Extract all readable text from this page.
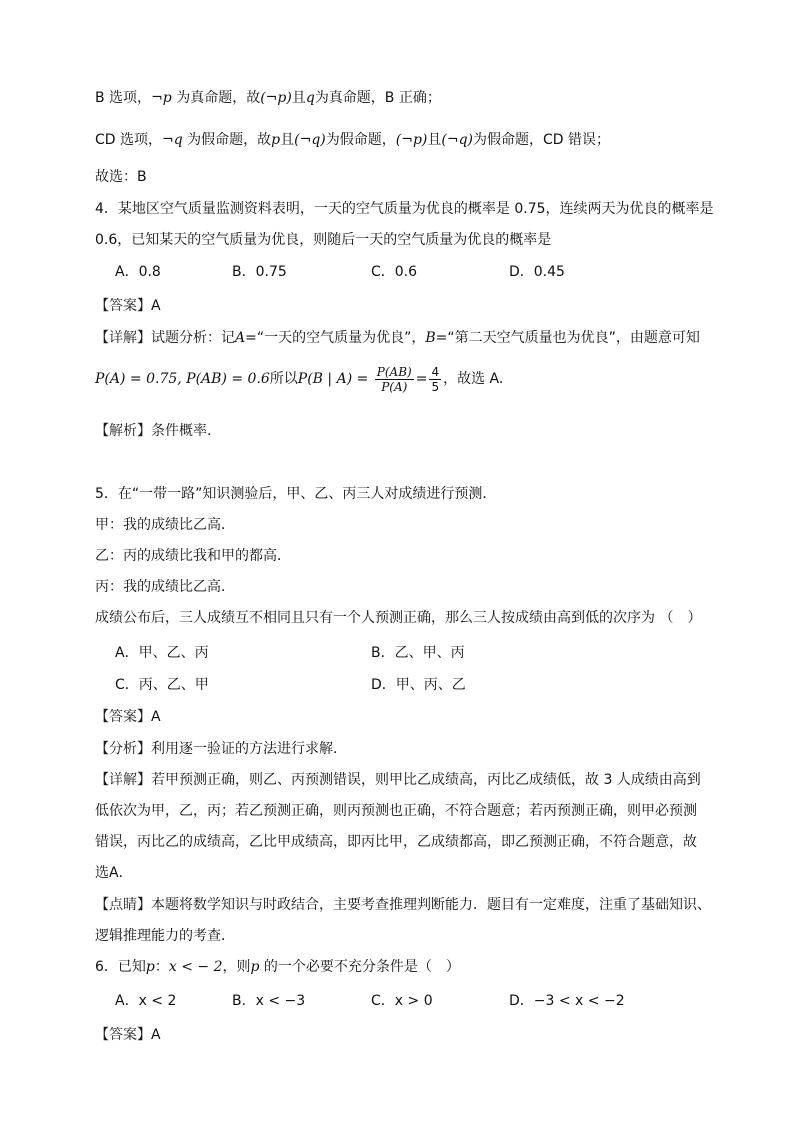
B 选项，¬p 为真命题，故(¬p)且q为真命题，B 正确；
CD 选项，¬q 为假命题，故p且(¬q)为假命题，(¬p)且(¬q)为假命题，CD 错误；
故选：B
4．某地区空气质量监测资料表明，一天的空气质量为优良的概率是 0.75，连续两天为优良的概率是
0.6，已知某天的空气质量为优良，则随后一天的空气质量为优良的概率是
A．0.8	B．0.75	C．0.6	D．0.45
【答案】A
【详解】试题分析：记A=“一天的空气质量为优良”，B=“第二天空气质量也为优良”，由题意可知
P(A) = 0.75, P(AB) = 0.6所以P(B | $A) = \frac{P(AB)}{P(A)} = \frac{4}{5}$ ，故选 A.
【解析】条件概率.
5．在“一带一路”知识测验后，甲、乙、丙三人对成绩进行预测．
甲：我的成绩比乙高．
乙：丙的成绩比我和甲的都高．
丙：我的成绩比乙高．
成绩公布后，三人成绩互不相同且只有一个人预测正确，那么三人按成绩由高到低的次序为 （　）
A．甲、乙、丙	B．乙、甲、丙
C．丙、乙、甲	D．甲、丙、乙
【答案】A
【分析】利用逐一验证的方法进行求解.
【详解】若甲预测正确，则乙、丙预测错误，则甲比乙成绩高，丙比乙成绩低，故 3 人成绩由高到
低依次为甲，乙，丙；若乙预测正确，则丙预测也正确，不符合题意；若丙预测正确，则甲必预测
错误，丙比乙的成绩高，乙比甲成绩高，即丙比甲，乙成绩都高，即乙预测正确，不符合题意，故
选A．
【点睛】本题将数学知识与时政结合，主要考查推理判断能力．题目有一定难度，注重了基础知识、
逻辑推理能力的考查．
6．已知p：x < − 2，则p 的一个必要不充分条件是（　）
A．x < 2	B．x < −3	C．x > 0	D．−3 < x < −2
【答案】A
